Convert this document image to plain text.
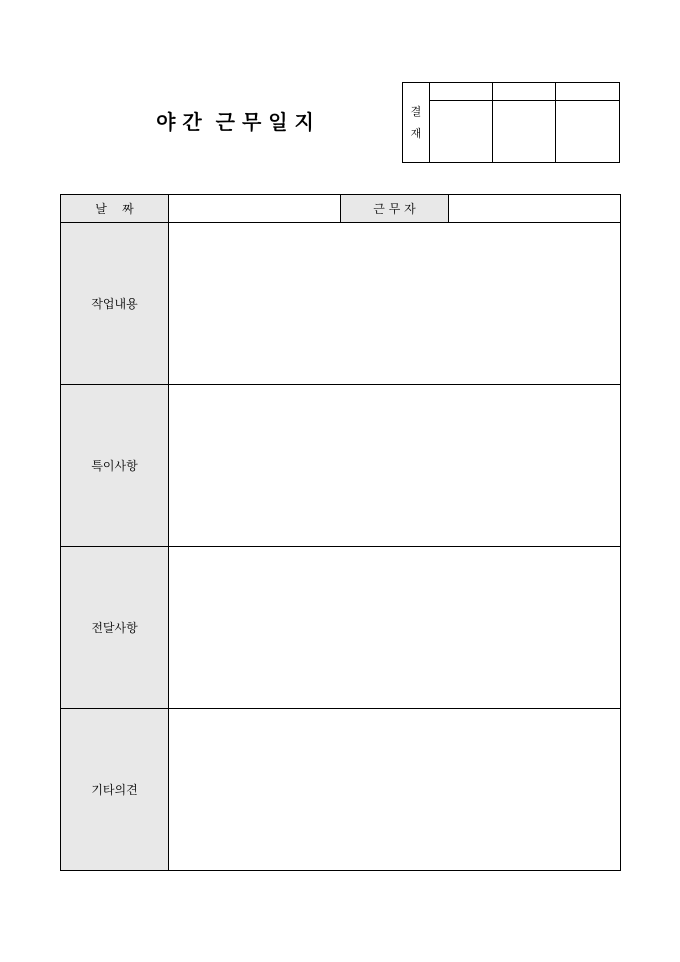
야 간  근 무 일 지	결
재			

날    짜		근 무 자	
작업내용			
특이사항			
전달사항			
기타의견			
